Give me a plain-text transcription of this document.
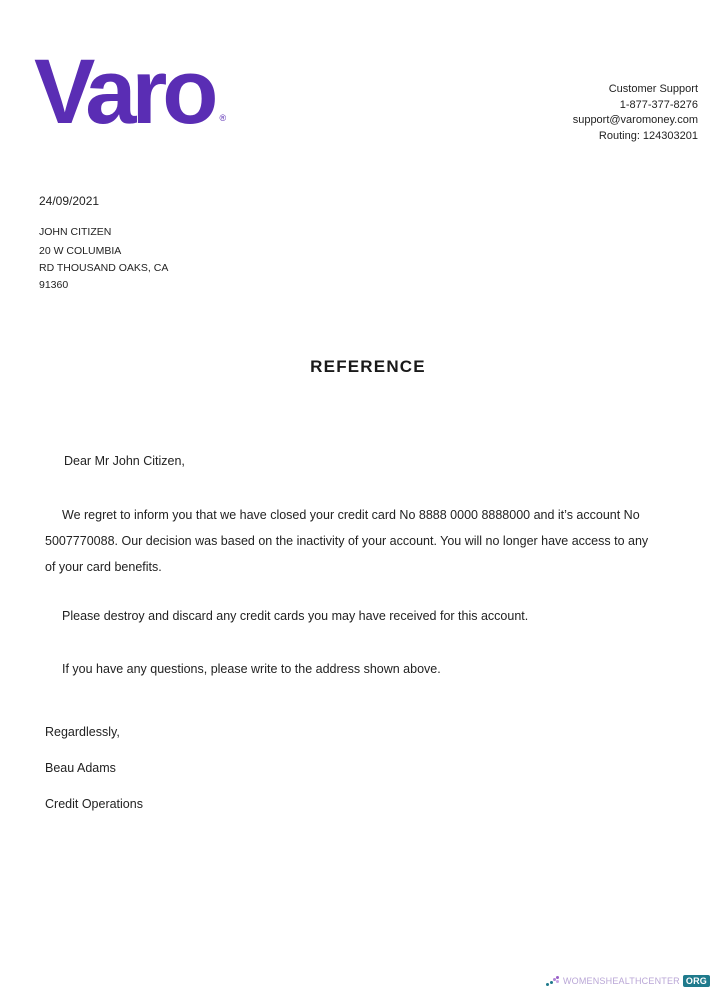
Varo ®
Customer Support
1-877-377-8276
support@varomoney.com
Routing: 124303201
24/09/2021
JOHN CITIZEN
20 W COLUMBIA
RD THOUSAND OAKS, CA
91360
REFERENCE
Dear Mr John Citizen,
We regret to inform you that we have closed your credit card No 8888 0000 8888000 and it’s account No
5007770088. Our decision was based on the inactivity of your account. You will no longer have access to any
of your card benefits.
Please destroy and discard any credit cards you may have received for this account.
If you have any questions, please write to the address shown above.
Regardlessly,
Beau Adams
Credit Operations
WOMENSHEALTHCENTER ORG
